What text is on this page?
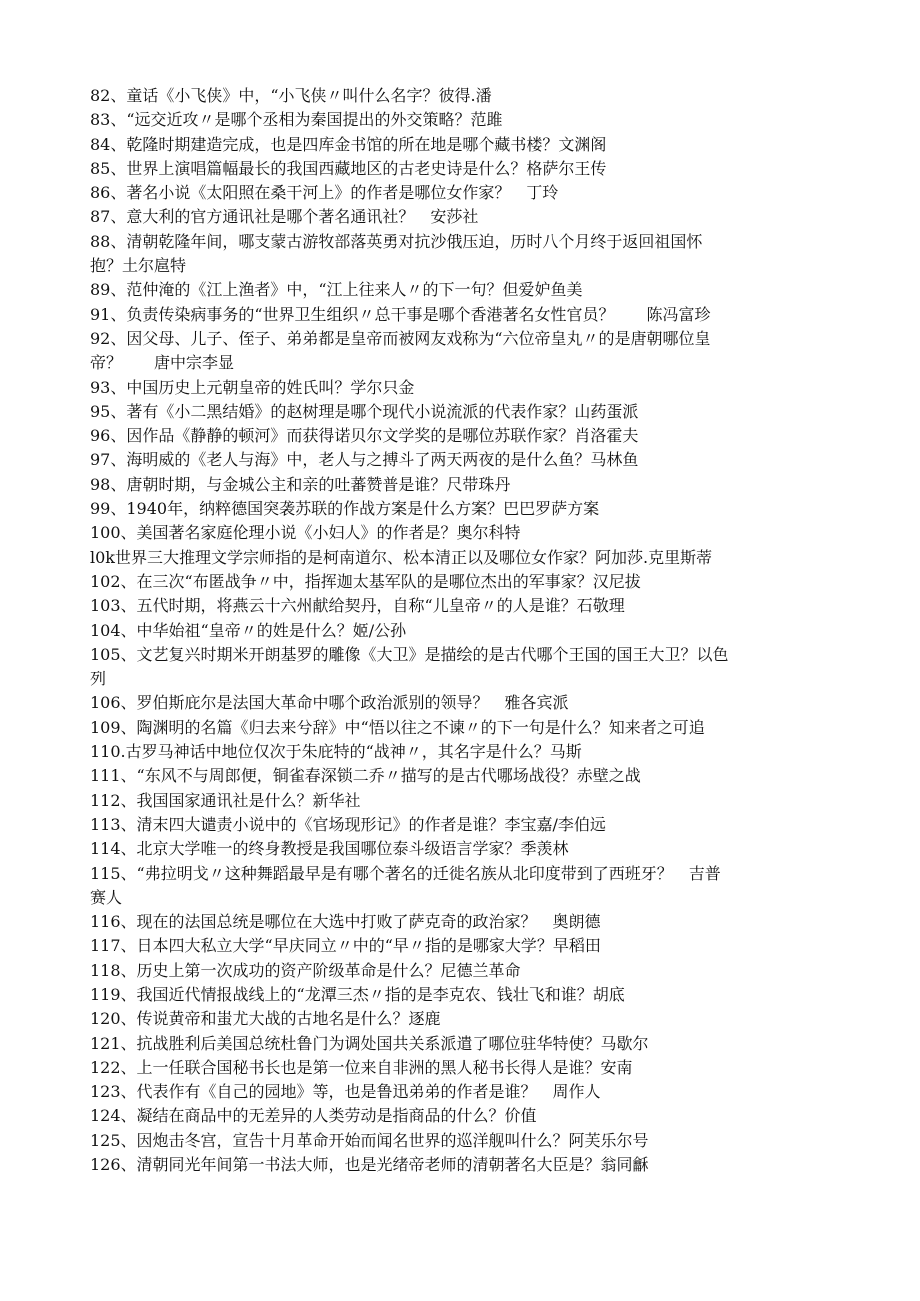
82、童话《小飞侠》中，“小飞侠〃叫什么名字？彼得.潘
83、“远交近攻〃是哪个丞相为秦国提出的外交策略？范雎
84、乾隆时期建造完成，也是四库金书馆的所在地是哪个藏书楼？文渊阁
85、世界上演唱篇幅最长的我国西藏地区的古老史诗是什么？格萨尔王传
86、著名小说《太阳照在桑干河上》的作者是哪位女作家？　丁玲
87、意大利的官方通讯社是哪个著名通讯社？　安莎社
88、清朝乾隆年间，哪支蒙古游牧部落英勇对抗沙俄压迫，历时八个月终于返回祖国怀
抱？土尔扈特
89、范仲淹的《江上渔者》中，“江上往来人〃的下一句？但爱妒鱼美
91、负责传染病事务的“世界卫生组织〃总干事是哪个香港著名女性官员？　　陈冯富珍
92、因父母、儿子、侄子、弟弟都是皇帝而被网友戏称为“六位帝皇丸〃的是唐朝哪位皇
帝？　　唐中宗李显
93、中国历史上元朝皇帝的姓氏叫？学尔只金
95、著有《小二黑结婚》的赵树理是哪个现代小说流派的代表作家？山药蛋派
96、因作品《静静的顿河》而获得诺贝尔文学奖的是哪位苏联作家？肖洛霍夫
97、海明威的《老人与海》中，老人与之搏斗了两天两夜的是什么鱼？马林鱼
98、唐朝时期，与金城公主和亲的吐蕃赞普是谁？尺带珠丹
99、1940年，纳粹德国突袭苏联的作战方案是什么方案？巴巴罗萨方案
100、美国著名家庭伦理小说《小妇人》的作者是？奥尔科特
l0k世界三大推理文学宗师指的是柯南道尔、松本清正以及哪位女作家？阿加莎.克里斯蒂
102、在三次“布匿战争〃中，指挥迦太基军队的是哪位杰出的军事家？汉尼拔
103、五代时期，将燕云十六州献给契丹，自称“儿皇帝〃的人是谁？石敬理
104、中华始祖“皇帝〃的姓是什么？姬/公孙
105、文艺复兴时期米开朗基罗的雕像《大卫》是描绘的是古代哪个王国的国王大卫？以色
列
106、罗伯斯庇尔是法国大革命中哪个政治派别的领导？　雅各宾派
109、陶渊明的名篇《归去来兮辞》中“悟以往之不谏〃的下一句是什么？知来者之可追
110.古罗马神话中地位仅次于朱庇特的“战神〃，其名字是什么？马斯
111、“东风不与周郎便，铜雀春深锁二乔〃描写的是古代哪场战役？赤壁之战
112、我国国家通讯社是什么？新华社
113、清末四大谴责小说中的《官场现形记》的作者是谁？李宝嘉/李伯远
114、北京大学唯一的终身教授是我国哪位泰斗级语言学家？季羡林
115、“弗拉明戈〃这种舞蹈最早是有哪个著名的迁徙名族从北印度带到了西班牙？　吉普
赛人
116、现在的法国总统是哪位在大选中打败了萨克奇的政治家？　奥朗德
117、日本四大私立大学“早庆同立〃中的“早〃指的是哪家大学？早稻田
118、历史上第一次成功的资产阶级革命是什么？尼德兰革命
119、我国近代情报战线上的“龙潭三杰〃指的是李克农、钱壮飞和谁？胡底
120、传说黄帝和蚩尤大战的古地名是什么？逐鹿
121、抗战胜利后美国总统杜鲁门为调处国共关系派遣了哪位驻华特使？马歇尔
122、上一任联合国秘书长也是第一位来自非洲的黑人秘书长得人是谁？安南
123、代表作有《自己的园地》等，也是鲁迅弟弟的作者是谁？　周作人
124、凝结在商品中的无差异的人类劳动是指商品的什么？价值
125、因炮击冬宫，宣告十月革命开始而闻名世界的巡洋舰叫什么？阿芙乐尔号
126、清朝同光年间第一书法大师，也是光绪帝老师的清朝著名大臣是？翁同龢
